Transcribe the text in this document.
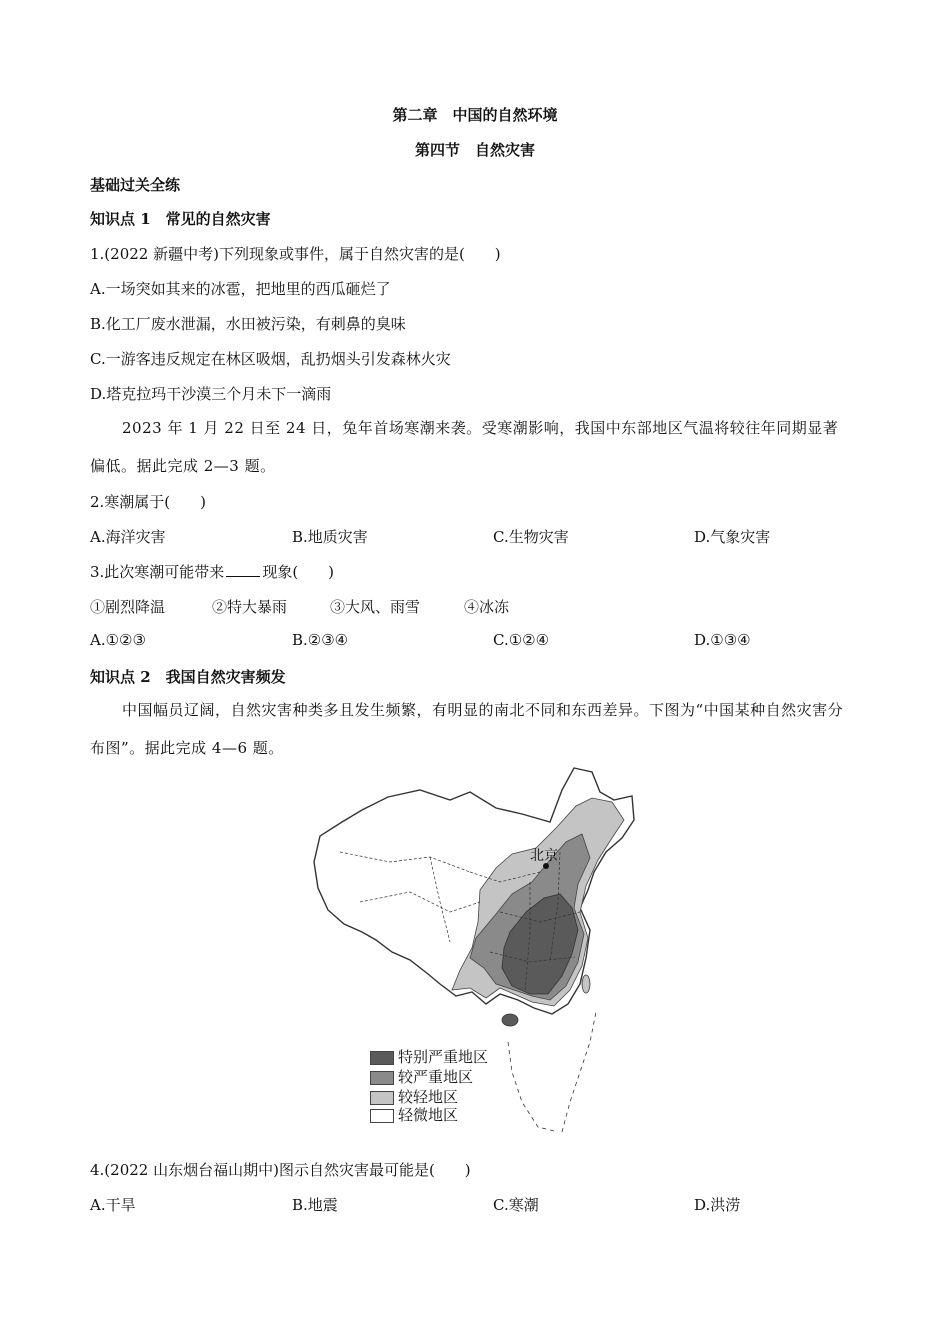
第二章　中国的自然环境
第四节　自然灾害
基础过关全练
知识点 1　常见的自然灾害
1.(2022 新疆中考)下列现象或事件，属于自然灾害的是(　　)
A.一场突如其来的冰雹，把地里的西瓜砸烂了
B.化工厂废水泄漏，水田被污染，有刺鼻的臭味
C.一游客违反规定在林区吸烟，乱扔烟头引发森林火灾
D.塔克拉玛干沙漠三个月未下一滴雨
2023 年 1 月 22 日至 24 日，兔年首场寒潮来袭。受寒潮影响，我国中东部地区气温将较往年同期显著偏低。据此完成 2—3 题。
2.寒潮属于(　　)
A.海洋灾害	B.地质灾害	C.生物灾害	D.气象灾害
3.此次寒潮可能带来	现象(　　)
①剧烈降温	②特大暴雨	③大风、雨雪	④冰冻
A.①②③	B.②③④	C.①②④	D.①③④
知识点 2　我国自然灾害频发
中国幅员辽阔，自然灾害种类多且发生频繁，有明显的南北不同和东西差异。下图为“中国某种自然灾害分布图”。据此完成 4—6 题。
北京
特别严重地区
较严重地区
较轻地区
轻微地区
4.(2022 山东烟台福山期中)图示自然灾害最可能是(　　)
A.干旱	B.地震	C.寒潮	D.洪涝
